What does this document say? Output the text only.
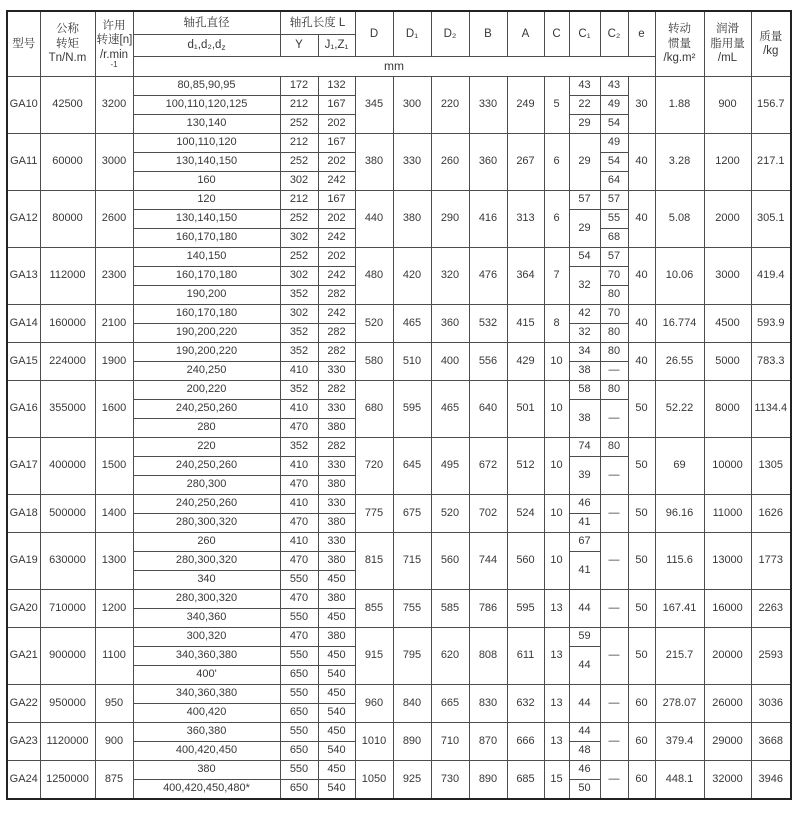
型号	公称
转矩
Tn/N.m	许用
转速[n]
/r.min
-1	轴孔直径	轴孔长度 L		D	D₁	D₂	B	A	C	C₁	C₂	e	转动
惯量
/kg.m²	润滑
脂用量
/mL	质量
/kg

			$d_1,d_2,d_z$	Y	J₁,Z₁												
			mm														
GA10	42500	3200	80,85,90,95	172	132	345	300	220	330	249	5	43	43	30	1.88	900	156.7
			100,110,120,125	212	167							22	49				
			130,140	252	202							29	54				
GA11	60000	3000	100,110,120	212	167	380	330	260	360	267	6	29	49	40	3.28	1200	217.1
			130,140,150	252	202								54				
			160	302	242								64				
GA12	80000	2600	120	212	167	440	380	290	416	313	6	57	57	40	5.08	2000	305.1
			130,140,150	252	202							29	55				
			160,170,180	302	242								68				
GA13	112000	2300	140,150	252	202	480	420	320	476	364	7	54	57	40	10.06	3000	419.4
			160,170,180	302	242							32	70				
			190,200	352	282								80				
GA14	160000	2100	160,170,180	302	242	520	465	360	532	415	8	42	70	40	16.774	4500	593.9
			190,200,220	352	282							32	80				
GA15	224000	1900	190,200,220	352	282	580	510	400	556	429	10	34	80	40	26.55	5000	783.3
			240,250	410	330							38	—				
GA16	355000	1600	200,220	352	282	680	595	465	640	501	10	58	80	50	52.22	8000	1134.4
			240,250,260	410	330							38	—				
			280	470	380												
GA17	400000	1500	220	352	282	720	645	495	672	512	10	74	80	50	69	10000	1305
			240,250,260	410	330							39	—				
			280,300	470	380												
GA18	500000	1400	240,250,260	410	330	775	675	520	702	524	10	46	—	50	96.16	11000	1626
			280,300,320	470	380							41					
GA19	630000	1300	260	410	330	815	715	560	744	560	10	67	—	50	115.6	13000	1773
			280,300,320	470	380							41					
			340	550	450												
GA20	710000	1200	280,300,320	470	380	855	755	585	786	595	13	44	—	50	167.41	16000	2263
			340,360	550	450												
GA21	900000	1100	300,320	470	380	915	795	620	808	611	13	59	—	50	215.7	20000	2593
			340,360,380	550	450							44					
			400'	650	540												
GA22	950000	950	340,360,380	550	450	960	840	665	830	632	13	44	—	60	278.07	26000	3036
			400,420	650	540												
GA23	1120000	900	360,380	550	450	1010	890	710	870	666	13	44	—	60	379.4	29000	3668
			400,420,450	650	540							48					
GA24	1250000	875	380	550	450	1050	925	730	890	685	15	46	—	60	448.1	32000	3946
			400,420,450,480*	650	540							50					
